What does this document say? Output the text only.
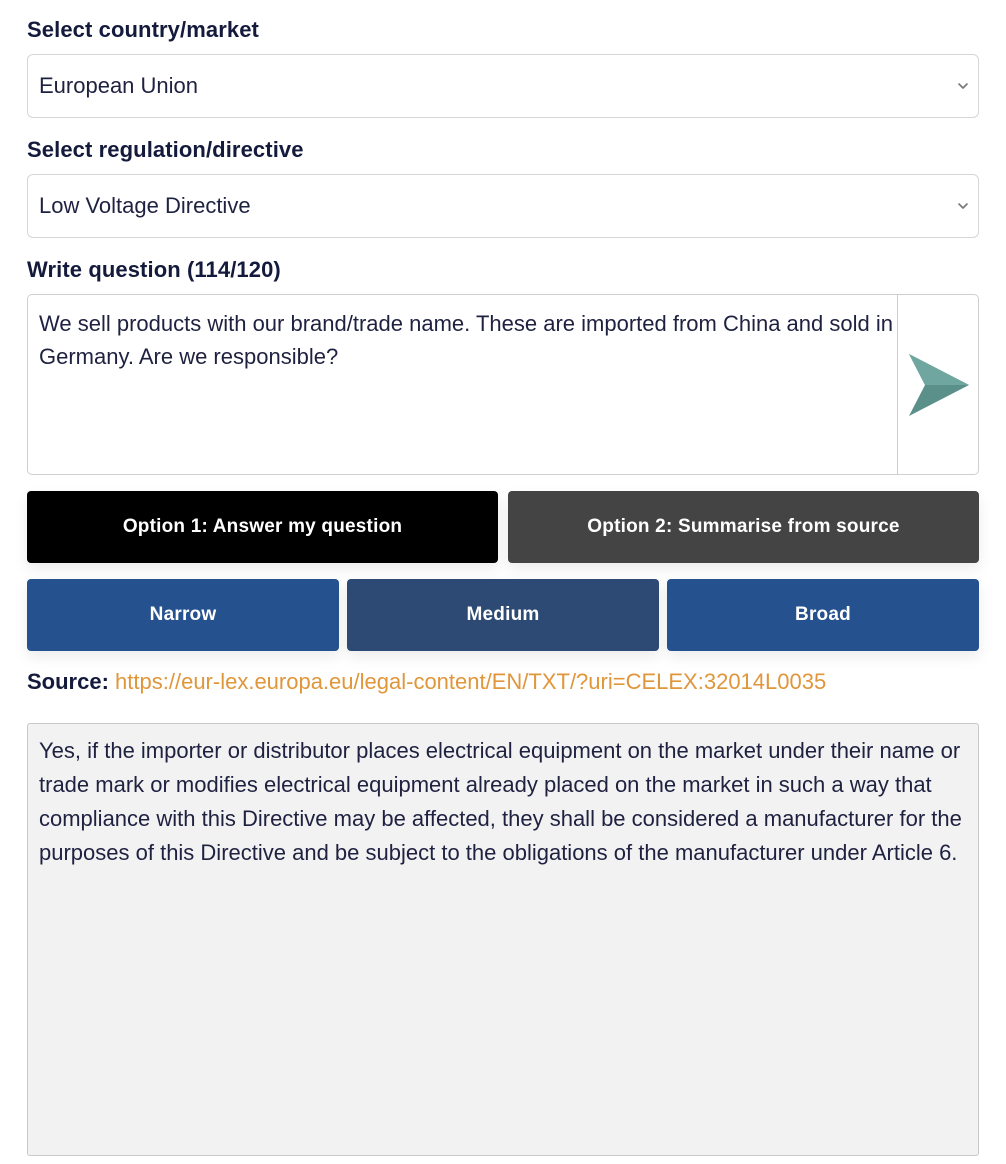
Select country/market
European Union
Select regulation/directive
Low Voltage Directive
Write question (114/120)
We sell products with our brand/trade name. These are imported from China and sold in Germany. Are we responsible?
Option 1: Answer my question	Option 2: Summarise from source
Narrow	Medium	Broad
Source: https://eur-lex.europa.eu/legal-content/EN/TXT/?uri=CELEX:32014L0035
Yes, if the importer or distributor places electrical equipment on the market under their name or trade mark or modifies electrical equipment already placed on the market in such a way that compliance with this Directive may be affected, they shall be considered a manufacturer for the purposes of this Directive and be subject to the obligations of the manufacturer under Article 6.
